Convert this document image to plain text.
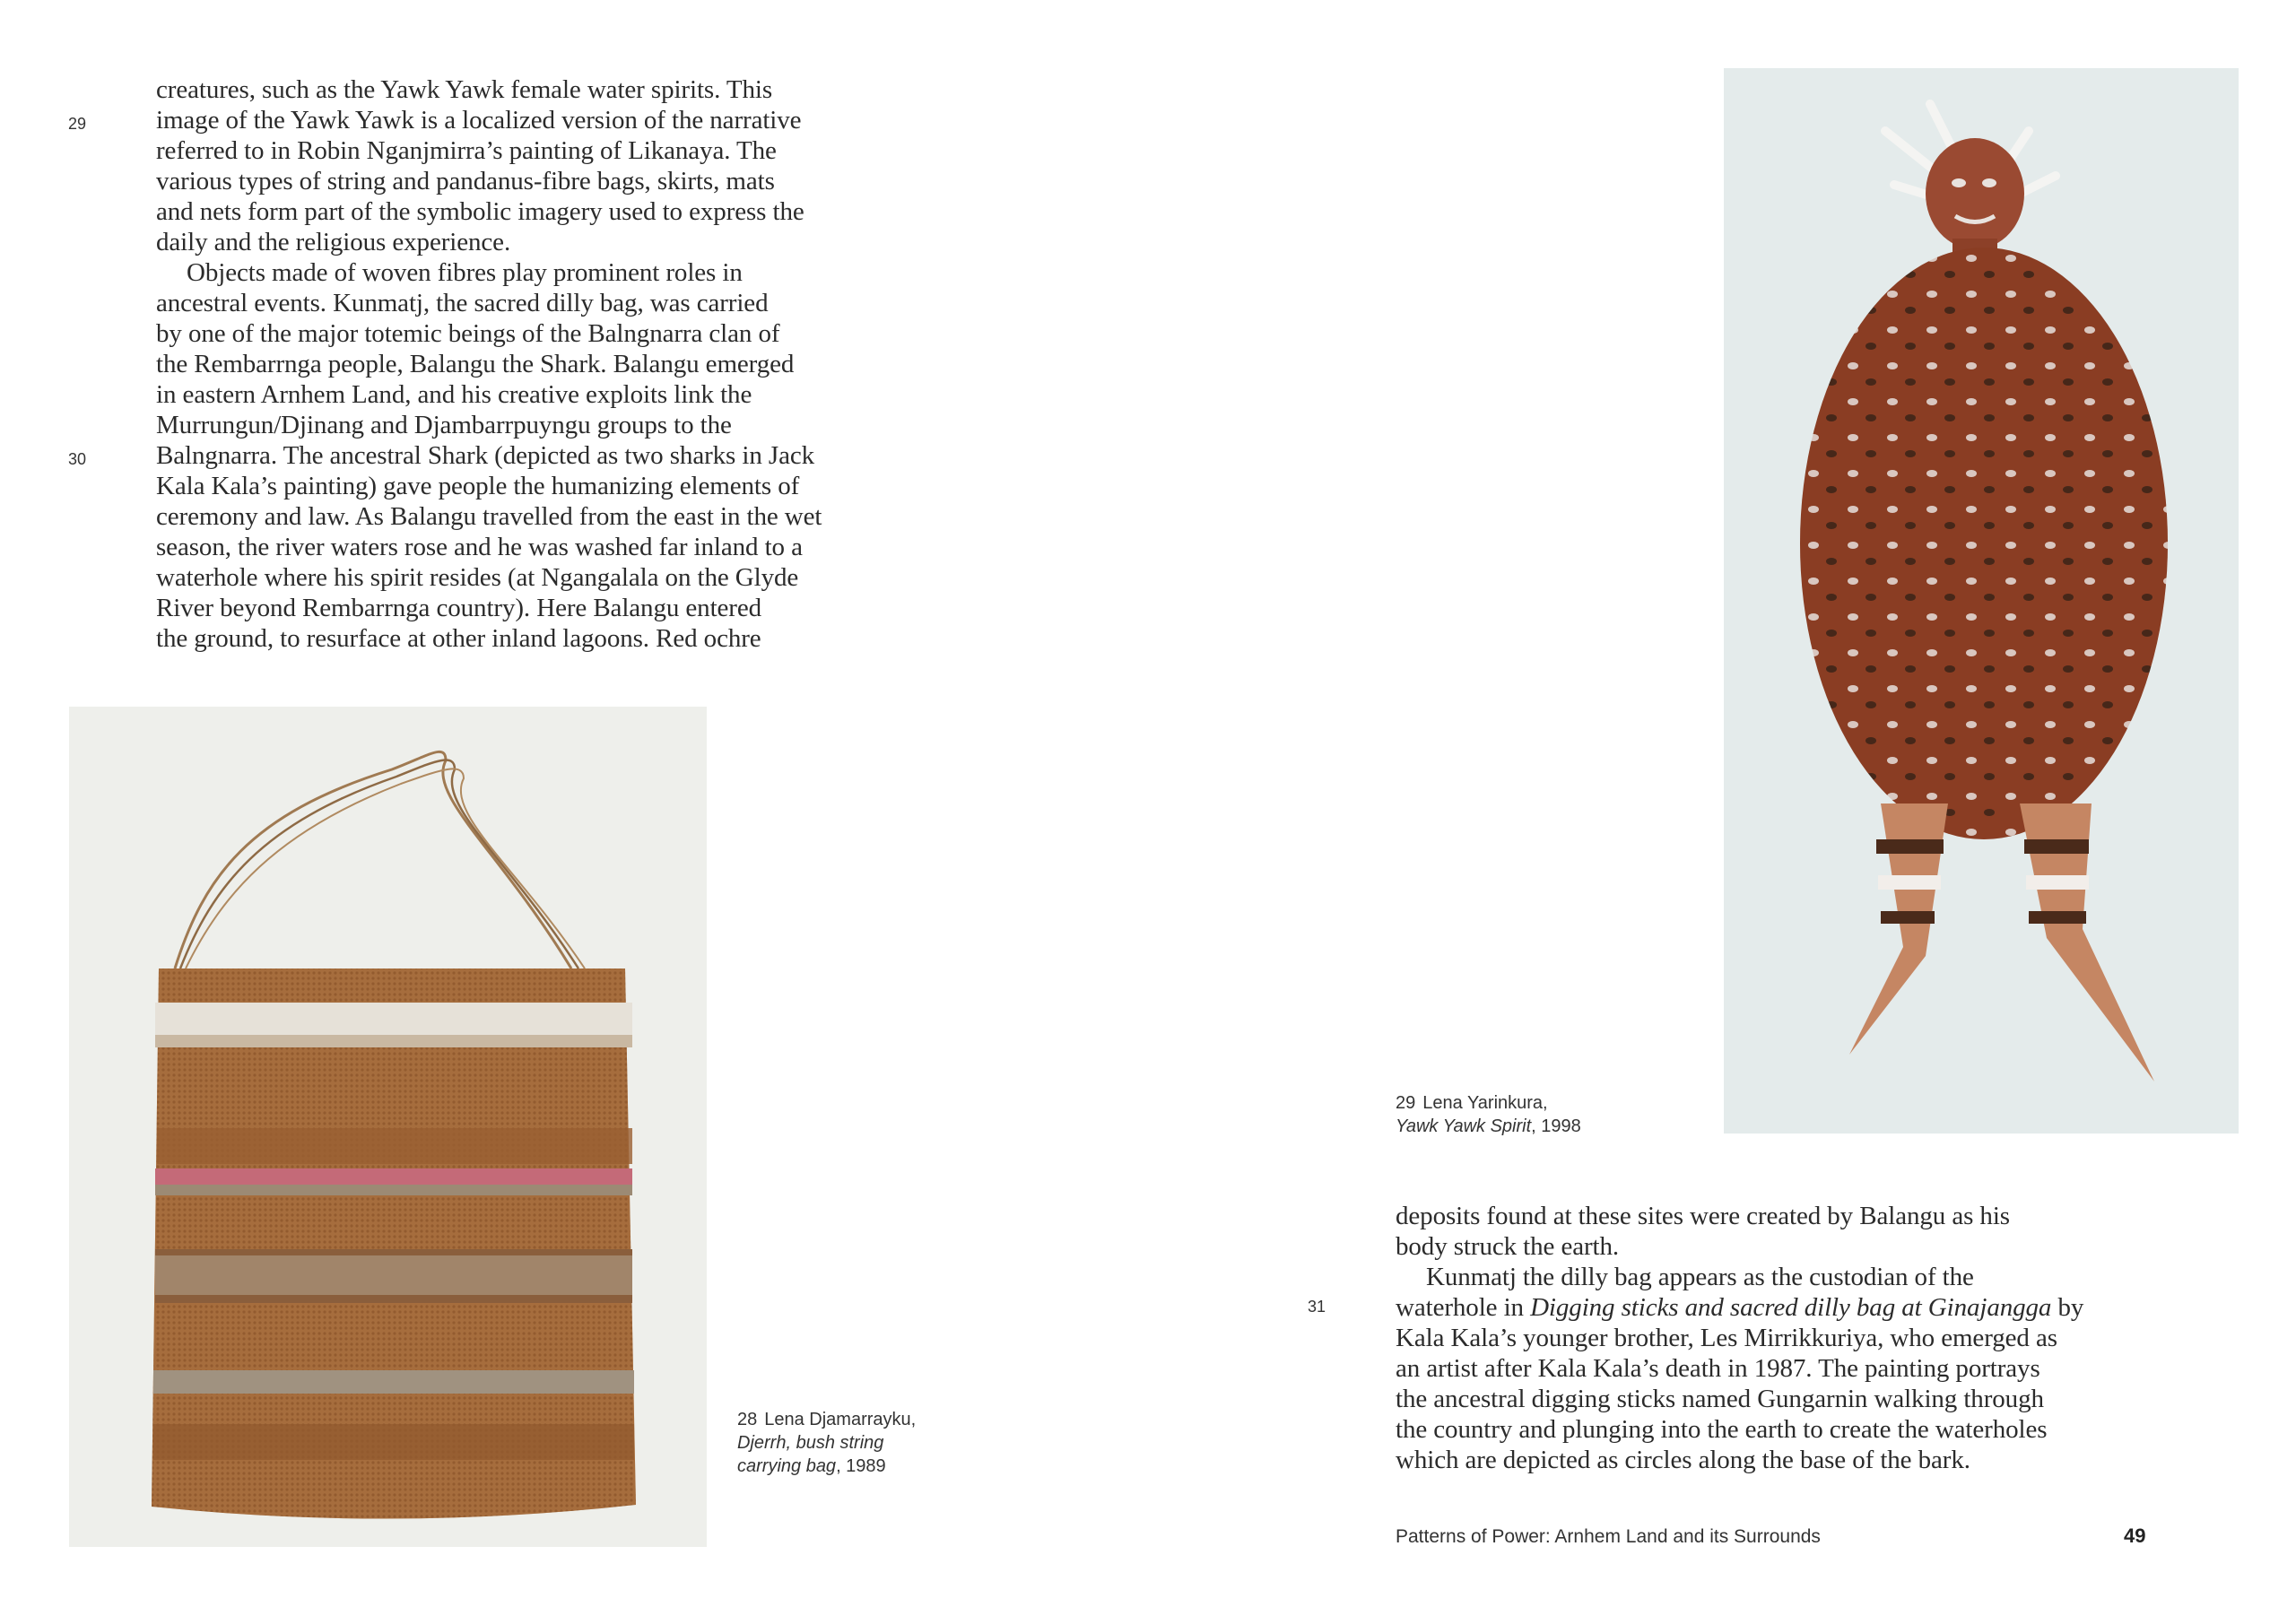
creatures, such as the Yawk Yawk female water spirits. This
image of the Yawk Yawk is a localized version of the narrative
referred to in Robin Nganjmirra’s painting of Likanaya. The
various types of string and pandanus-fibre bags, skirts, mats
and nets form part of the symbolic imagery used to express the
daily and the religious experience.
Objects made of woven fibres play prominent roles in
ancestral events. Kunmatj, the sacred dilly bag, was carried
by one of the major totemic beings of the Balngnarra clan of
the Rembarrnga people, Balangu the Shark. Balangu emerged
in eastern Arnhem Land, and his creative exploits link the
Murrungun/Djinang and Djambarrpuyngu groups to the
Balngnarra. The ancestral Shark (depicted as two sharks in Jack
Kala Kala’s painting) gave people the humanizing elements of
ceremony and law. As Balangu travelled from the east in the wet
season, the river waters rose and he was washed far inland to a
waterhole where his spirit resides (at Ngangalala on the Glyde
River beyond Rembarrnga country). Here Balangu entered
the ground, to resurface at other inland lagoons. Red ochre

29
30
28 Lena Djamarrayku,
Djerrh, bush string
carrying bag, 1989
29 Lena Yarinkura,
Yawk Yawk Spirit, 1998

deposits found at these sites were created by Balangu as his
body struck the earth.
Kunmatj the dilly bag appears as the custodian of the
waterhole in Digging sticks and sacred dilly bag at Ginajangga by
Kala Kala’s younger brother, Les Mirrikkuriya, who emerged as
an artist after Kala Kala’s death in 1987. The painting portrays
the ancestral digging sticks named Gungarnin walking through
the country and plunging into the earth to create the waterholes
which are depicted as circles along the base of the bark.

31
Patterns of Power: Arnhem Land and its Surrounds	49
